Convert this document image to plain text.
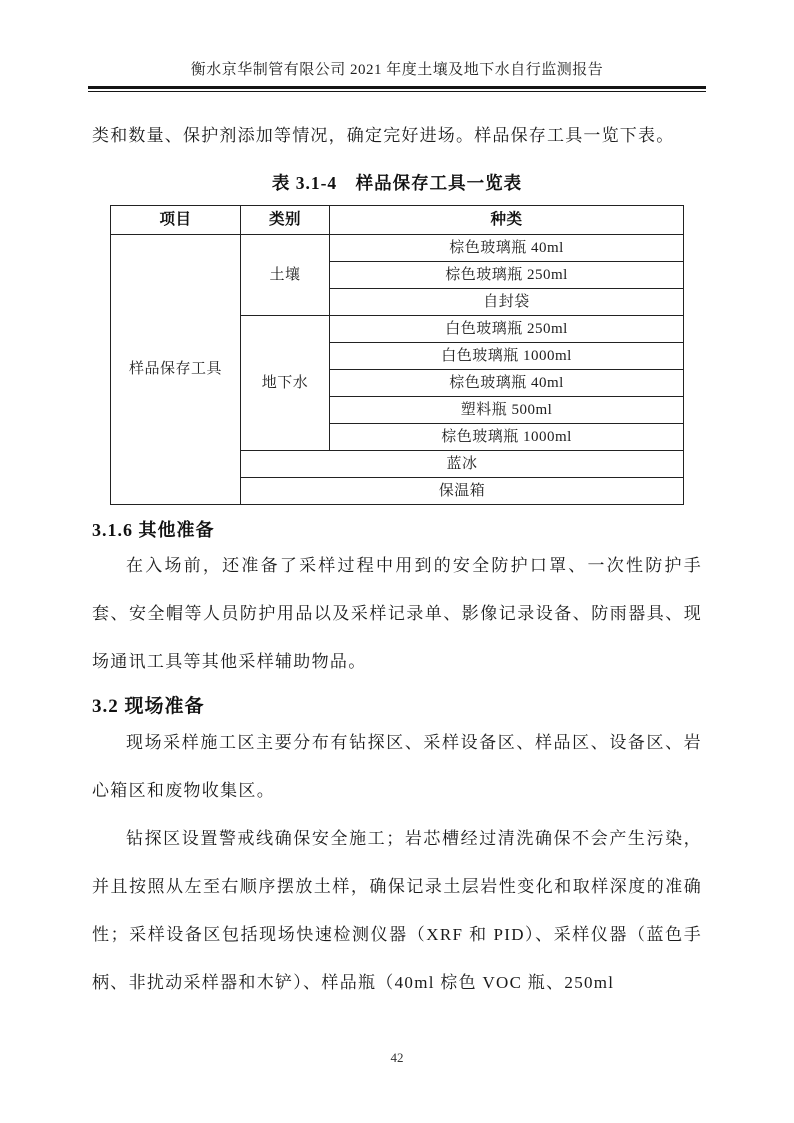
衡水京华制管有限公司 2021 年度土壤及地下水自行监测报告

类和数量、保护剂添加等情况，确定完好进场。样品保存工具一览下表。

表 3.1-4　样品保存工具一览表
项目	类别	种类
样品保存工具	土壤	棕色玻璃瓶 40ml
		棕色玻璃瓶 250ml
		自封袋
	地下水	白色玻璃瓶 250ml
		白色玻璃瓶 1000ml
		棕色玻璃瓶 40ml
		塑料瓶 500ml
		棕色玻璃瓶 1000ml
	蓝冰	
	保温箱	
3.1.6 其他准备

在入场前，还准备了采样过程中用到的安全防护口罩、一次性防护手套、安全帽等人员防护用品以及采样记录单、影像记录设备、防雨器具、现场通讯工具等其他采样辅助物品。

3.2 现场准备

现场采样施工区主要分布有钻探区、采样设备区、样品区、设备区、岩心箱区和废物收集区。

钻探区设置警戒线确保安全施工；岩芯槽经过清洗确保不会产生污染，并且按照从左至右顺序摆放土样，确保记录土层岩性变化和取样深度的准确性；采样设备区包括现场快速检测仪器（XRF 和 PID）、采样仪器（蓝色手柄、非扰动采样器和木铲）、样品瓶（40ml 棕色 VOC 瓶、250ml

42
